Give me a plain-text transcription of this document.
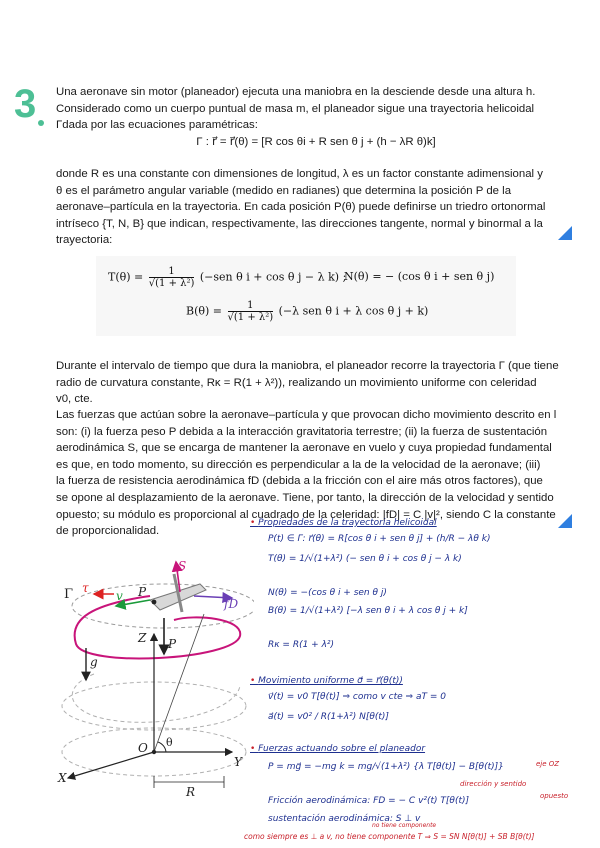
3 Una aeronave sin motor (planeador) ejecuta una maniobra en la desciende desde una altura h.
Considerado como un cuerpo puntual de masa m, el planeador sigue una trayectoria helicoidal
Γdada por las ecuaciones paramétricas:
Γ : r⃗ = r⃗(θ) = [R cos θi + R sen θ j + (h − λR θ)k]
donde R es una constante con dimensiones de longitud, λ es un factor constante adimensional y
θ es el parámetro angular variable (medido en radianes) que determina la posición P de la
aeronave–partícula en la trayectoria. En cada posición P(θ) puede definirse un triedro ortonormal
intríseco {T, N, B} que indican, respectivamente, las direcciones tangente, normal y binormal a la
trayectoria:
$T(\theta) = \frac{1}{\text{√(1 + λ²)}} (-sen$ θ i + cos θ j − λ k) ;
N(θ) = − (cos θ i + sen θ j)
$B(\theta) = \frac{1}{\text{√(1 + λ²)}} (-\lambda$ sen θ i + λ cos θ j + k)
Durante el intervalo de tiempo que dura la maniobra, el planeador recorre la trayectoria Γ (que tiene
radio de curvatura constante, Rκ = R(1 + λ²)), realizando un movimiento uniforme con celeridad
v0, cte.
Las fuerzas que actúan sobre la aeronave–partícula y que provocan dicho movimiento descrito en l
son: (i) la fuerza peso P debida a la interacción gravitatoria terrestre; (ii) la fuerza de sustentación
aerodinámica S, que se encarga de mantener la aeronave en vuelo y cuya propiedad fundamental
es que, en todo momento, su dirección es perpendicular a la de la velocidad de la aeronave; (iii)
la fuerza de resistencia aerodinámica fD (debida a la fricción con el aire más otros factores), que
se opone al desplazamiento de la aeronave. Tiene, por tanto, la dirección de la velocidad y sentido
opuesto; su módulo es proporcional al cuadrado de la celeridad: |fD| = C |v|², siendo C la constante
de proporcionalidad.
Γ τ
v P
S
fD
Z P
g
O θ
Y
X
R
• Propiedades de la trayectoria helicoidal
P(t) ∈ Γ: r⃗(θ) = R[cos θ i + sen θ j] + (h/R − λθ k)
T(θ) = 1/√(1+λ²) (− sen θ i + cos θ j − λ k)
N(θ) = −(cos θ i + sen θ j)
B(θ) = 1/√(1+λ²) [−λ sen θ i + λ cos θ j + k]
Rκ = R(1 + λ²)
• Movimiento uniforme σ⃗ = r⃗(θ(t))
v⃗(t) = v0 T[θ(t)] ⇒ como v cte ⇒ aT = 0
a⃗(t) = v0² / R(1+λ²) N[θ(t)]
• Fuerzas actuando sobre el planeador
P = mg⃗ = −mg k = mg/√(1+λ²) {λ T[θ(t)] − B[θ(t)]}	eje OZ
dirección y sentido
Fricción aerodinámica: FD = − C v²(t) T[θ(t)]	opuesto
sustentación aerodinámica: S ⊥ v
como siempre es ⊥ a v, no tiene componente T ⇒ S = SN N[θ(t)] + SB B[θ(t)]
no tiene componente
